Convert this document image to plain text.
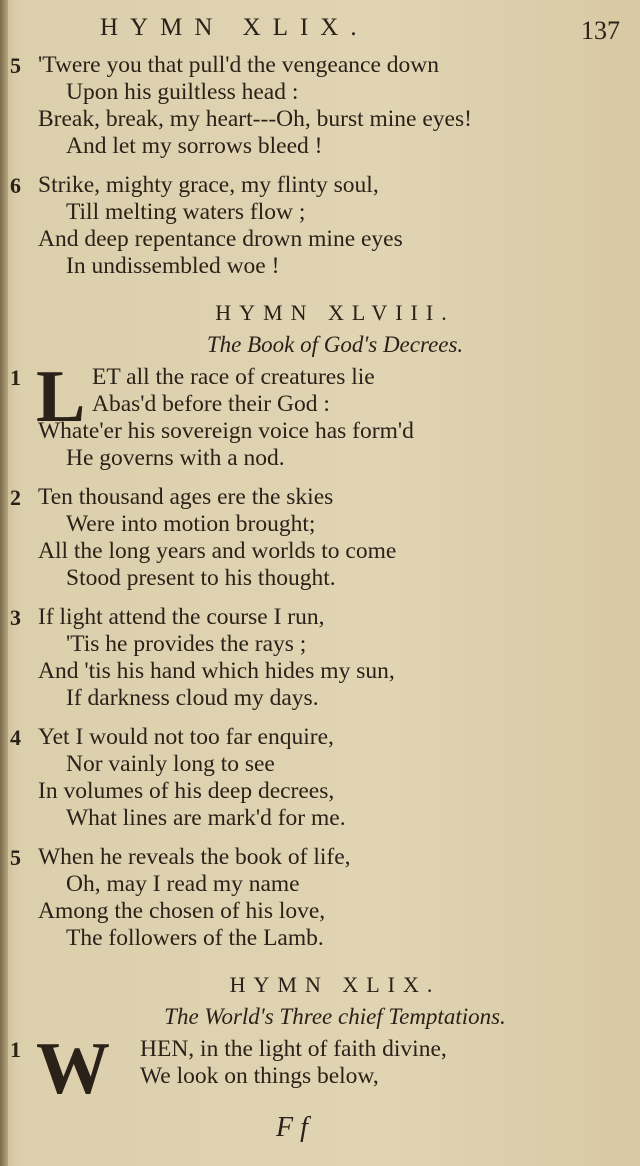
HYMN XLIX.	137
5 'Twere you that pull'd the vengeance down
Upon his guiltless head :
Break, break, my heart---Oh, burst mine eyes!
And let my sorrows bleed !
6 Strike, mighty grace, my flinty soul,
Till melting waters flow ;
And deep repentance drown mine eyes
In undissembled woe !
HYMN XLVIII.
The Book of God's Decrees.
1 L ET all the race of creatures lie
Abas'd before their God :
Whate'er his sovereign voice has form'd
He governs with a nod.
2 Ten thousand ages ere the skies
Were into motion brought;
All the long years and worlds to come
Stood present to his thought.
3 If light attend the course I run,
'Tis he provides the rays ;
And 'tis his hand which hides my sun,
If darkness cloud my days.
4 Yet I would not too far enquire,
Nor vainly long to see
In volumes of his deep decrees,
What lines are mark'd for me.
5 When he reveals the book of life,
Oh, may I read my name
Among the chosen of his love,
The followers of the Lamb.
HYMN XLIX.
The World's Three chief Temptations.
1 W	HEN, in the light of faith divine,
We look on things below,
F f
